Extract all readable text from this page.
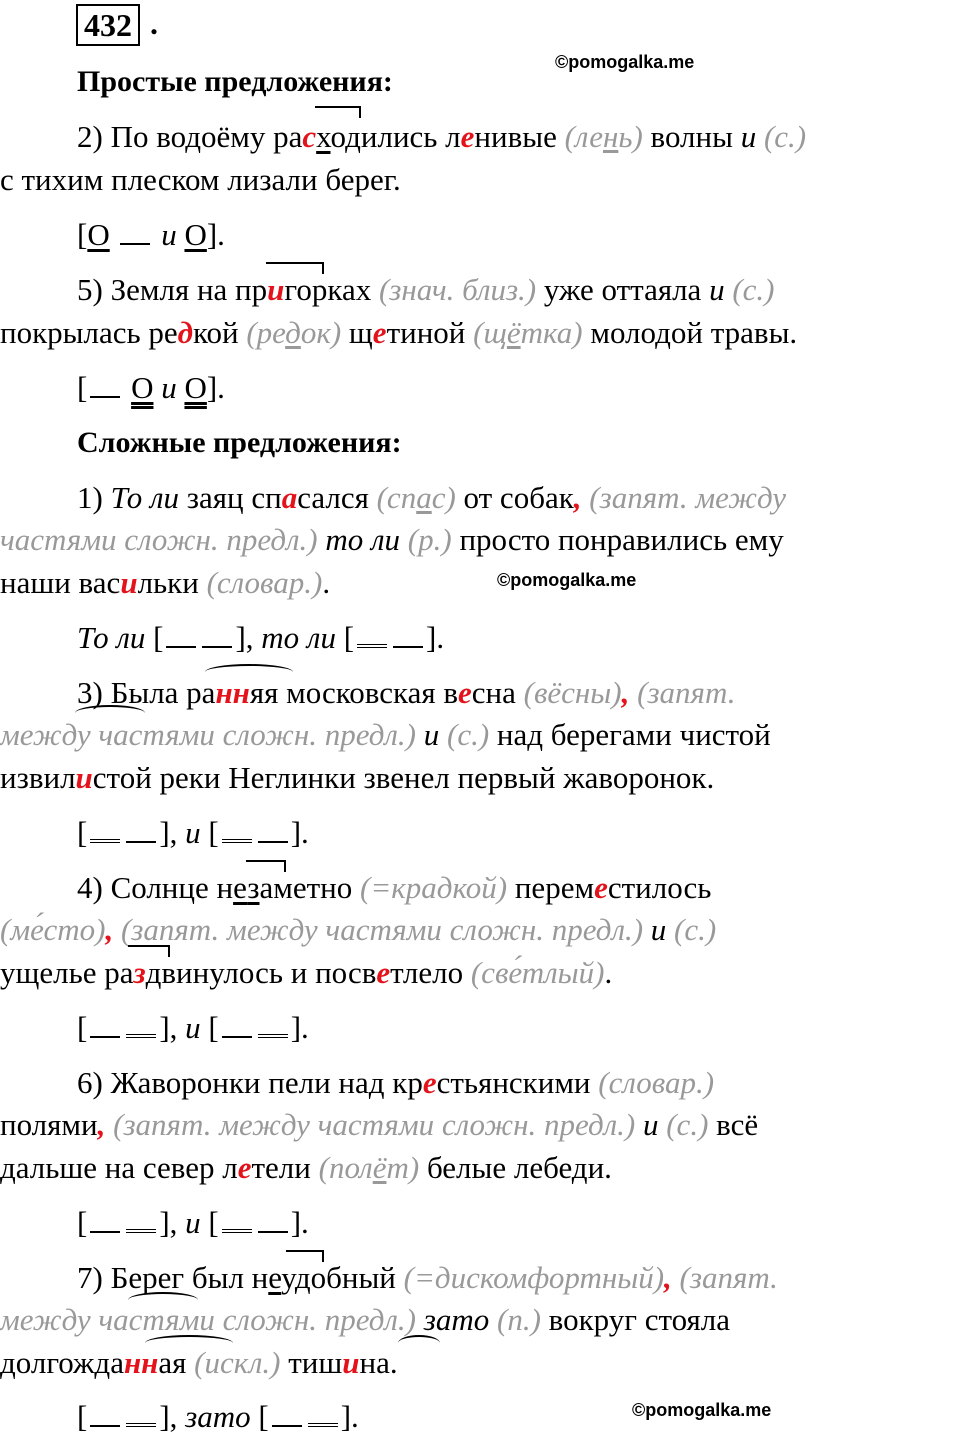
432 .
©pomogalka.me
Простые предложения:
2) По водоёму расходились ленивые (лень) волны и (с.)
с тихим плеском лизали берег.
[О  и О].
5) Земля на пригорках (знач. близ.) уже оттаяла и (с.)
покрылась редкой (редок) щетиной (щётка) молодой травы.
[ О и О].
Сложные предложения:
1) То ли заяц спасался (спас) от собак, (запят. между
частями сложн. предл.) то ли (р.) просто понравились ему
наши васильки (словар.).	©pomogalka.me
То ли [ ], то ли [ ].
3) Была ранняя московская весна (вёсны), (запят.
между частями сложн. предл.) и (с.) над берегами чистой
извилистой реки Неглинки звенел первый жаворонок.
[ ], и [ ].
4) Солнце незаметно (=крадкой) переместилось
(ме́сто), (запят. между частями сложн. предл.) и (с.)
ущелье раздвинулось и посветлело (све́тлый).
[ ], и [ ].
6) Жаворонки пели над крестьянскими (словар.)
полями, (запят. между частями сложн. предл.) и (с.) всё
дальше на север летели (полёт) белые лебеди.
[ ], и [ ].
7) Берег был неудобный (=дискомфортный), (запят.
между частями сложн. предл.) зато (п.) вокруг стояла
долгожданная (искл.) тишина.
©pomogalka.me
[ ], зато [ ].
